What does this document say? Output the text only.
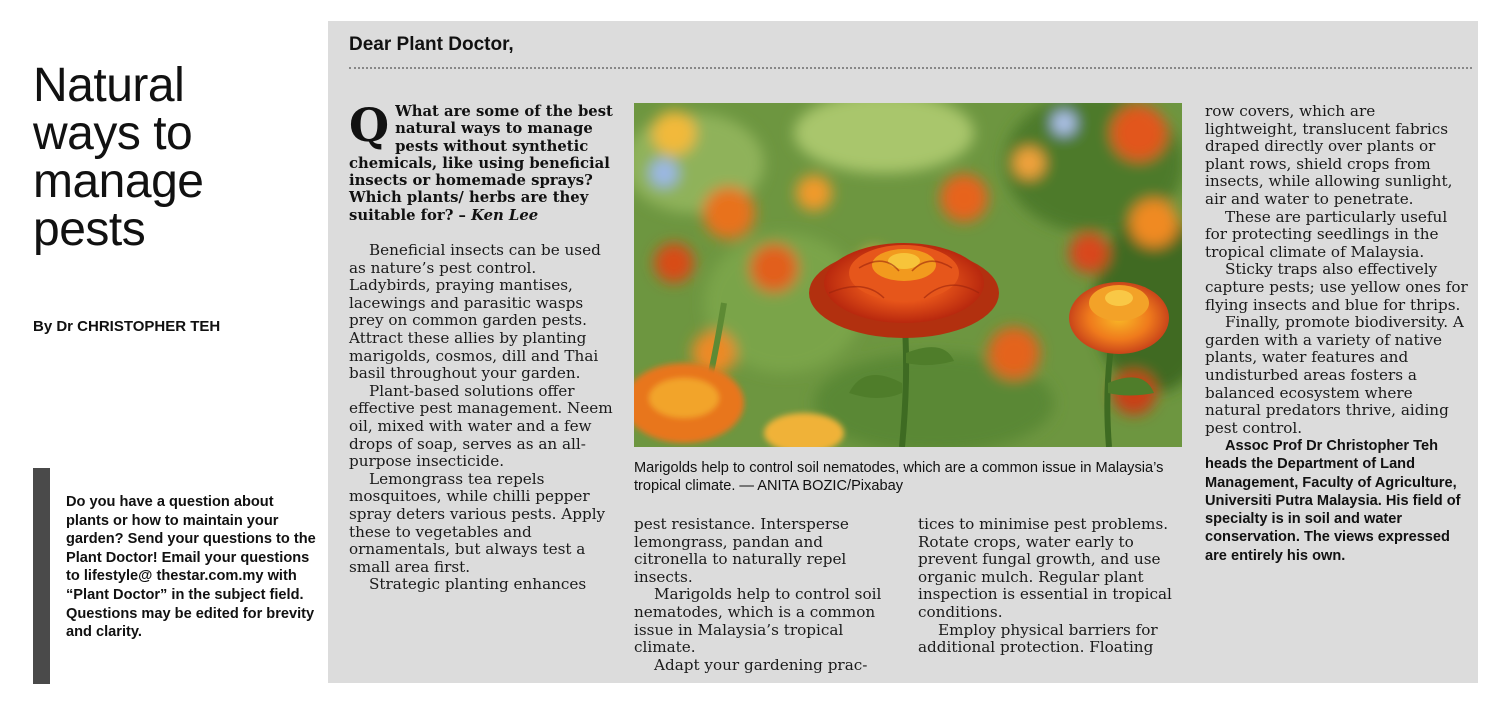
Natural
ways to
manage
pests
By Dr CHRISTOPHER TEH
Do you have a question about plants or how to maintain your garden? Send your questions to the Plant Doctor! Email your questions to lifestyle@ thestar.com.my with “Plant Doctor” in the subject field. Questions may be edited for brevity and clarity.
Dear Plant Doctor,
Q What are some of the best natural ways to manage pests without synthetic chemicals, like using beneficial insects or homemade sprays? Which plants/ herbs are they suitable for? – Ken Lee

Beneficial insects can be used as nature’s pest control. Ladybirds, praying mantises, lacewings and parasitic wasps prey on common garden pests. Attract these allies by planting marigolds, cosmos, dill and Thai basil throughout your garden.

Plant-based solutions offer effective pest management. Neem oil, mixed with water and a few drops of soap, serves as an all-purpose insecticide.

Lemongrass tea repels mosquitoes, while chilli pepper spray deters various pests. Apply these to vegetables and ornamentals, but always test a small area first.

Strategic planting enhances

Marigolds help to control soil nematodes, which are a common issue in Malaysia’s tropical climate. — ANITA BOZIC/Pixabay

pest resistance. Intersperse lemongrass, pandan and citronella to naturally repel insects.

Marigolds help to control soil nematodes, which is a common issue in Malaysia’s tropical climate.

Adapt your gardening prac-

tices to minimise pest problems. Rotate crops, water early to prevent fungal growth, and use organic mulch. Regular plant inspection is essential in tropical conditions.

Employ physical barriers for additional protection. Floating

row covers, which are lightweight, translucent fabrics draped directly over plants or plant rows, shield crops from insects, while allowing sunlight, air and water to penetrate.

These are particularly useful for protecting seedlings in the tropical climate of Malaysia.

Sticky traps also effectively capture pests; use yellow ones for flying insects and blue for thrips.

Finally, promote biodiversity. A garden with a variety of native plants, water features and undisturbed areas fosters a balanced ecosystem where natural predators thrive, aiding pest control.

Assoc Prof Dr Christopher Teh heads the Department of Land Management, Faculty of Agriculture, Universiti Putra Malaysia. His field of specialty is in soil and water conservation. The views expressed are entirely his own.
